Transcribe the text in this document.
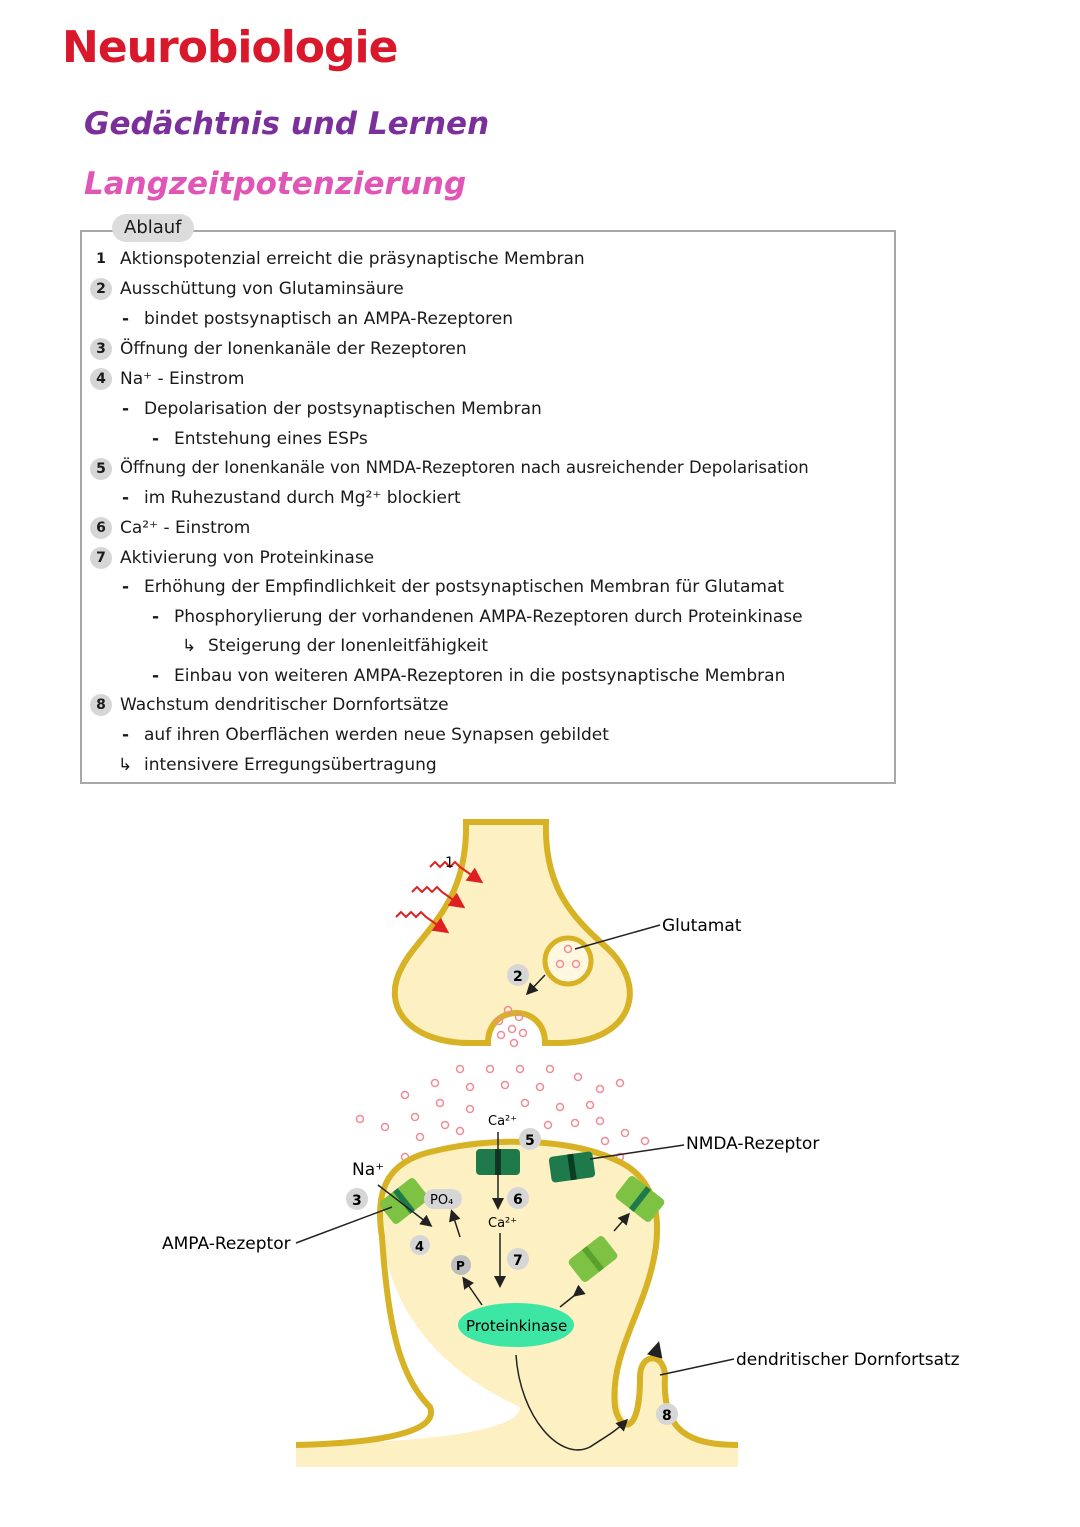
Neurobiologie
Gedächtnis und Lernen
Langzeitpotenzierung
Ablauf
1 Aktionspotenzial erreicht die präsynaptische Membran
2 Ausschüttung von Glutaminsäure
- bindet postsynaptisch an AMPA-Rezeptoren
3 Öffnung der Ionenkanäle der Rezeptoren
4 Na⁺ - Einstrom
- Depolarisation der postsynaptischen Membran
- Entstehung eines ESPs
5 Öffnung der Ionenkanäle von NMDA-Rezeptoren nach ausreichender Depolarisation
- im Ruhezustand durch Mg²⁺ blockiert
6 Ca²⁺ - Einstrom
7 Aktivierung von Proteinkinase
- Erhöhung der Empfindlichkeit der postsynaptischen Membran für Glutamat
- Phosphorylierung der vorhandenen AMPA-Rezeptoren durch Proteinkinase
↳ Steigerung der Ionenleitfähigkeit
- Einbau von weiteren AMPA-Rezeptoren in die postsynaptische Membran
8 Wachstum dendritischer Dornfortsätze
- auf ihren Oberflächen werden neue Synapsen gebildet
↳ intensivere Erregungsübertragung
1
2
Glutamat
Na⁺
3
4
PO₄
P
Ca²⁺
5
6
Ca²⁺
7
Proteinkinase
8
NMDA-Rezeptor
AMPA-Rezeptor
dendritischer Dornfortsatz
